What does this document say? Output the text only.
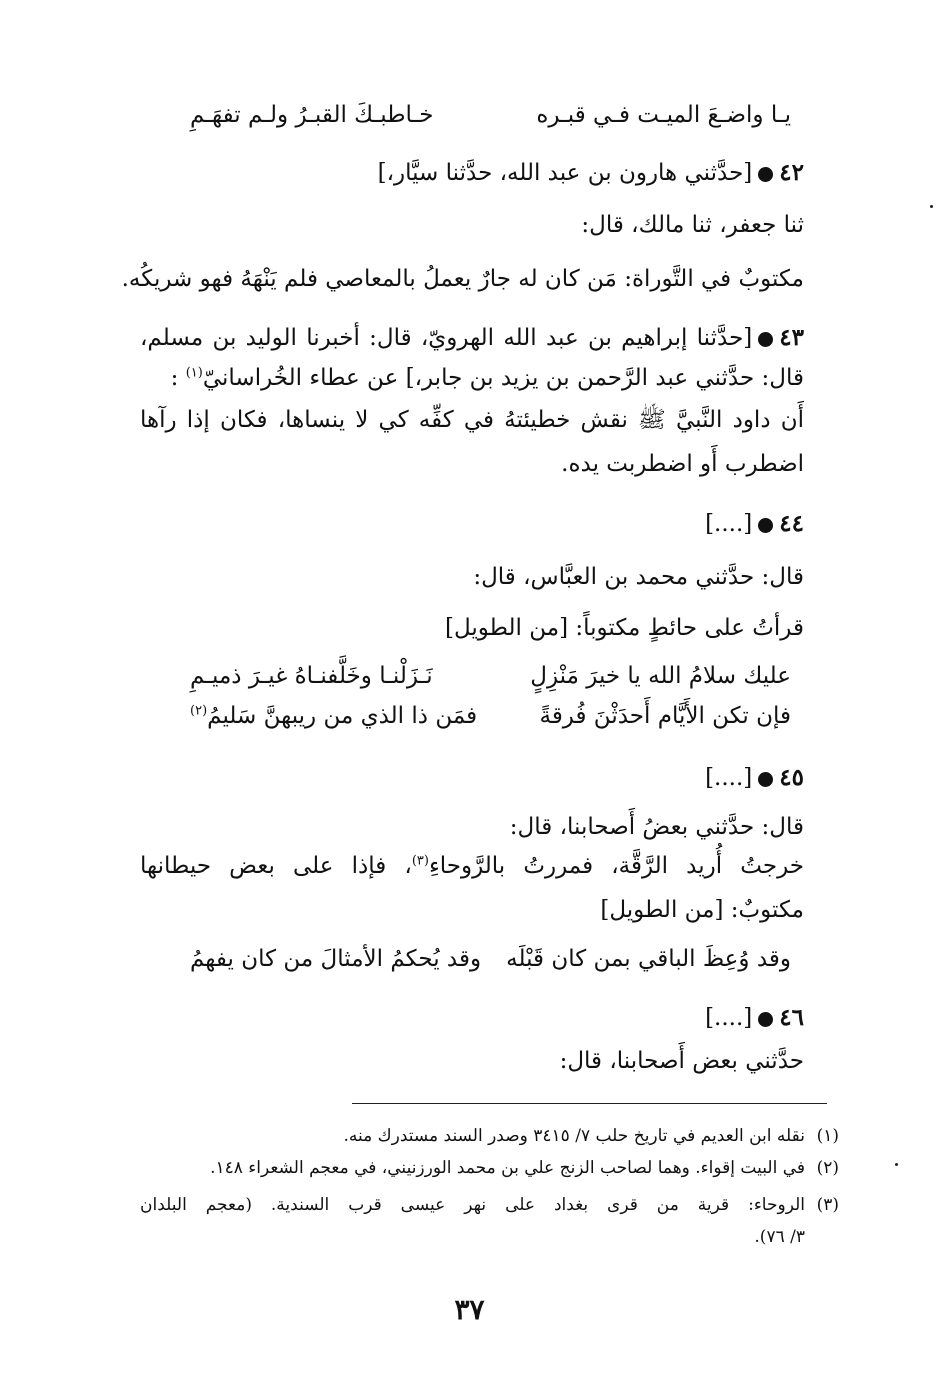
يـا واضـعَ الميـت فـي قبـره
خـاطبـكَ القبـرُ ولـم تفهَـمِ
٤٢[حدَّثني هارون بن عبد الله، حدَّثنا سيَّار،]
ثنا جعفر، ثنا مالك، قال:
مكتوبٌ في التَّوراة: مَن كان له جارٌ يعملُ بالمعاصي فلم يَنْهَهُ فهو شريكُه.
٤٣[حدَّثنا إبراهيم بن عبد الله الهرويّ، قال: أخبرنا الوليد بن مسلم،
قال: حدَّثني عبد الرَّحمن بن يزيد بن جابر،] عن عطاء الخُراسانيّ$^{(١)}$ :
أَن داود النَّبيَّ ﷺ نقش خطيئتهُ في كفِّه كي لا ينساها، فكان إذا رآها
اضطرب أَو اضطربت يده.
٤٤[....]
قال: حدَّثني محمد بن العبَّاس، قال:
قرأتُ على حائطٍ مكتوباً: [من الطويل]
عليك سلامُ الله يا خيرَ مَنْزِلٍ
نَـزَلْنـا وخَلَّفنـاهُ غيـرَ ذميـمِ
فإن تكن الأَيَّام أَحدَثْنَ فُرقةً
فمَن ذا الذي من ريبهنَّ سَليمُ$^{(٢)}$
٤٥[....]
قال: حدَّثني بعضُ أَصحابنا، قال:
خرجتُ أُريد الرَّقَّة، فمررتُ بالرَّوحاءِ$^{(٣)}$، فإذا على بعض حيطانها
مكتوبٌ: [من الطويل]
وقد وُعِظَ الباقي بمن كان قَبْلَه
وقد يُحكمُ الأمثالَ من كان يفهمُ
٤٦[....]
حدَّثني بعض أَصحابنا، قال:
(١)نقله ابن العديم في تاريخ حلب ٧/ ٣٤١٥ وصدر السند مستدرك منه.
(٢)في البيت إقواء. وهما لصاحب الزنج علي بن محمد الورزنيني، في معجم الشعراء ١٤٨.
(٣)الروحاء: قرية من قرى بغداد على نهر عيسى قرب السندية. (معجم البلدان
٣/ ٧٦).
٣٧
